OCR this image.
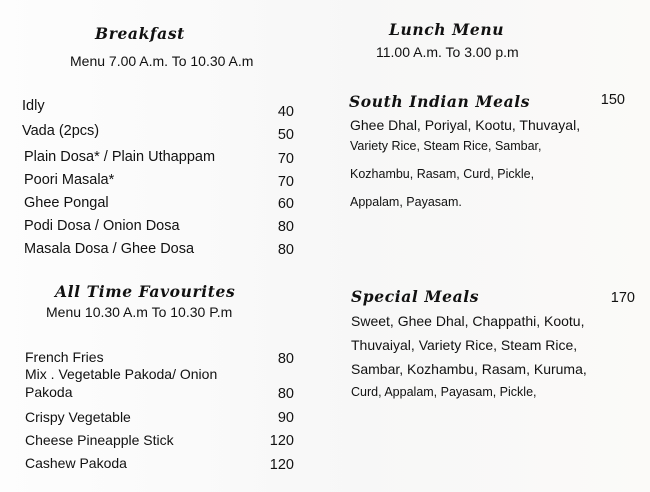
Breakfast
Menu 7.00 A.m. To 10.30 A.m
Idly	40
Vada (2pcs)	50
Plain Dosa* / Plain Uthappam	70
Poori Masala*	70
Ghee Pongal	60
Podi Dosa / Onion Dosa	80
Masala Dosa / Ghee Dosa	80
All Time Favourites
Menu 10.30 A.m To 10.30 P.m
French Fries	80
Mix . Vegetable Pakoda/ Onion
Pakoda	80
Crispy Vegetable	90
Cheese Pineapple Stick	120
Cashew Pakoda	120
Lunch Menu
11.00 A.m. To 3.00 p.m
South Indian Meals	150
Ghee Dhal, Poriyal, Kootu, Thuvayal,
Variety Rice, Steam Rice, Sambar,
Kozhambu, Rasam, Curd, Pickle,
Appalam, Payasam.
Special Meals	170
Sweet, Ghee Dhal, Chappathi, Kootu,
Thuvaiyal, Variety Rice, Steam Rice,
Sambar, Kozhambu, Rasam, Kuruma,
Curd, Appalam, Payasam, Pickle,
